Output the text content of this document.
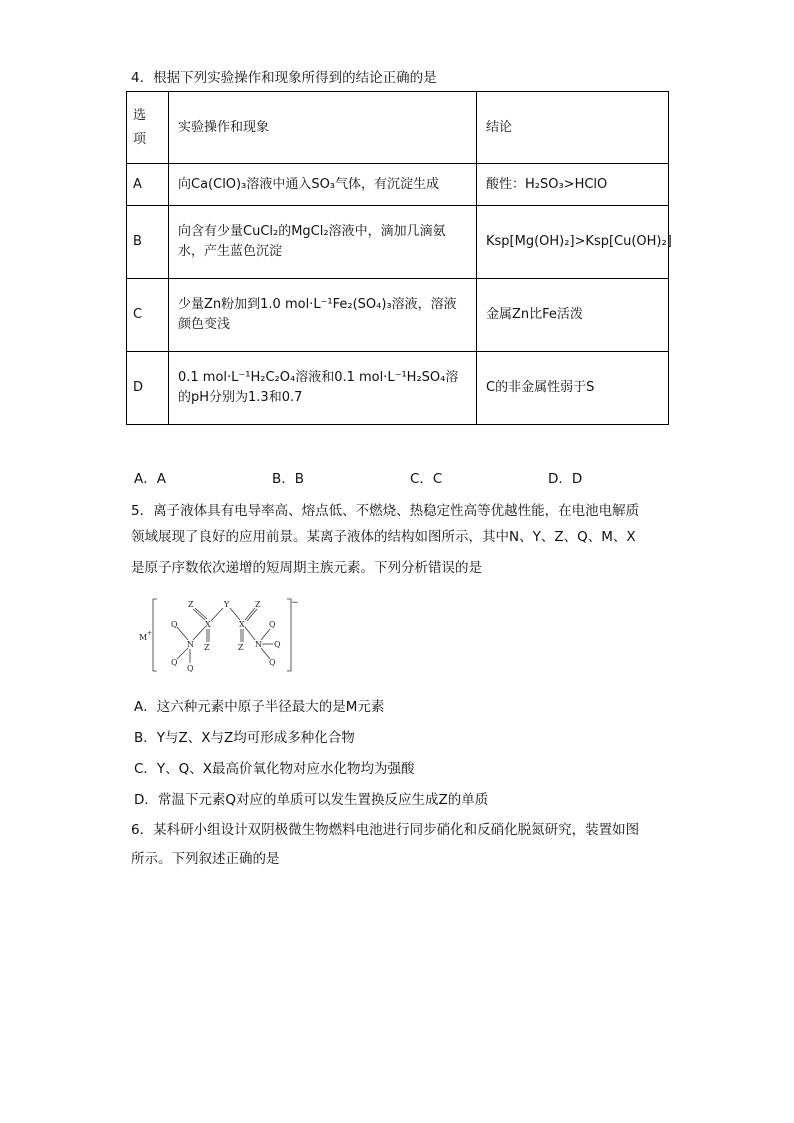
4．根据下列实验操作和现象所得到的结论正确的是
选项	实验操作和现象	结论
A	向Ca(ClO)₃溶液中通入SO₃气体，有沉淀生成	酸性：H₂SO₃>HClO
B	向含有少量CuCl₂的MgCl₂溶液中，滴加几滴氨水，产生蓝色沉淀	Ksp[Mg(OH)₂]>Ksp[Cu(OH)₂]
C	少量Zn粉加到1.0 mol·L⁻¹Fe₂(SO₄)₃溶液，溶液颜色变浅	金属Zn比Fe活泼
D	0.1 mol·L⁻¹H₂C₂O₄溶液和0.1 mol·L⁻¹H₂SO₄溶的pH分别为1.3和0.7	C的非金属性弱于S
A．A	B．B	C．C	D．D
5．离子液体具有电导率高、熔点低、不燃烧、热稳定性高等优越性能，在电池电解质
领域展现了良好的应用前景。某离子液体的结构如图所示，其中N、Y、Z、Q、M、X
是原子序数依次递增的短周期主族元素。下列分析错误的是
M +
−
Y
Z	Z
X	X
Z	Z
N	N
Q
Q
Q
Q
Q
Q
A．这六种元素中原子半径最大的是M元素
B．Y与Z、X与Z均可形成多种化合物
C．Y、Q、X最高价氧化物对应水化物均为强酸
D．常温下元素Q对应的单质可以发生置换反应生成Z的单质
6．某科研小组设计双阴极微生物燃料电池进行同步硝化和反硝化脱氮研究，装置如图
所示。下列叙述正确的是
